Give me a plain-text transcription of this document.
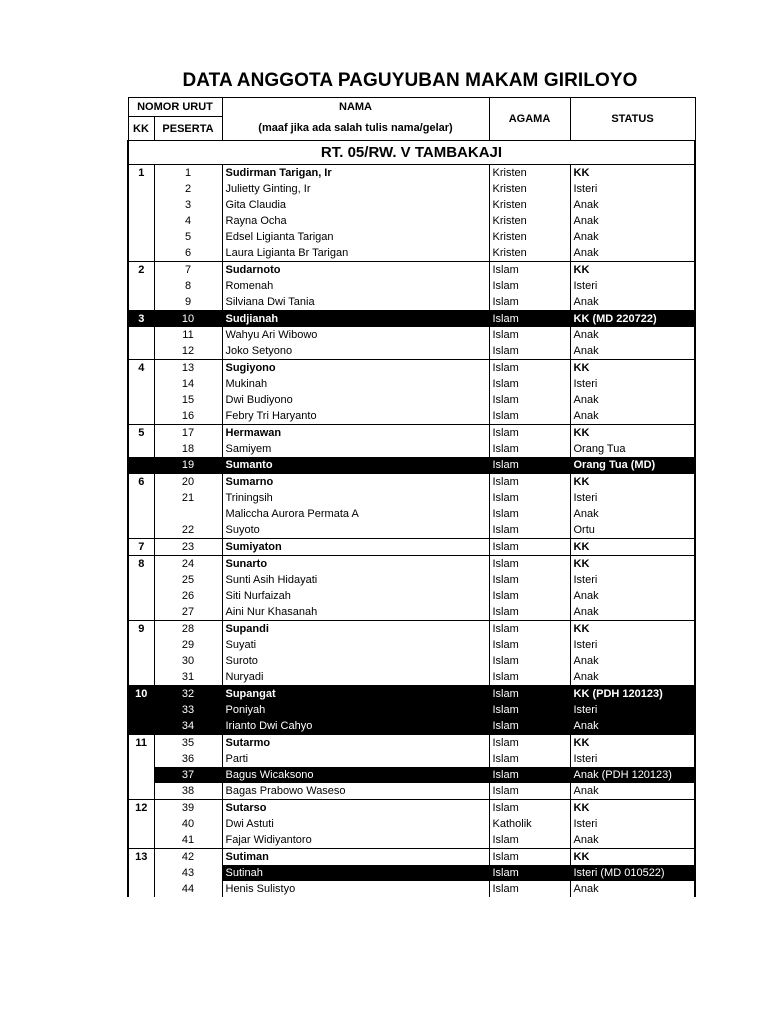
DATA ANGGOTA PAGUYUBAN MAKAM GIRILOYO
NOMOR URUT		NAMA	AGAMA	STATUS
KK	PESERTA	(maaf jika ada salah tulis nama/gelar)		
RT. 05/RW. V TAMBAKAJI				
1	1	Sudirman Tarigan, Ir	Kristen	KK
	2	Julietty Ginting, Ir	Kristen	Isteri
	3	Gita Claudia	Kristen	Anak
	4	Rayna Ocha	Kristen	Anak
	5	Edsel Ligianta Tarigan	Kristen	Anak
	6	Laura Ligianta Br Tarigan	Kristen	Anak
2	7	Sudarnoto	Islam	KK
	8	Romenah	Islam	Isteri
	9	Silviana Dwi Tania	Islam	Anak
3	10	Sudjianah	Islam	KK (MD 220722)
	11	Wahyu Ari Wibowo	Islam	Anak
	12	Joko Setyono	Islam	Anak
4	13	Sugiyono	Islam	KK
	14	Mukinah	Islam	Isteri
	15	Dwi Budiyono	Islam	Anak
	16	Febry Tri Haryanto	Islam	Anak
5	17	Hermawan	Islam	KK
	18	Samiyem	Islam	Orang Tua
	19	Sumanto	Islam	Orang Tua (MD)
6	20	Sumarno	Islam	KK
	21	Triningsih	Islam	Isteri
		Maliccha Aurora Permata A	Islam	Anak
	22	Suyoto	Islam	Ortu
7	23	Sumiyaton	Islam	KK
8	24	Sunarto	Islam	KK
	25	Sunti Asih Hidayati	Islam	Isteri
	26	Siti Nurfaizah	Islam	Anak
	27	Aini Nur Khasanah	Islam	Anak
9	28	Supandi	Islam	KK
	29	Suyati	Islam	Isteri
	30	Suroto	Islam	Anak
	31	Nuryadi	Islam	Anak
10	32	Supangat	Islam	KK (PDH 120123)
	33	Poniyah	Islam	Isteri
	34	Irianto Dwi Cahyo	Islam	Anak
11	35	Sutarmo	Islam	KK
	36	Parti	Islam	Isteri
	37	Bagus Wicaksono	Islam	Anak (PDH 120123)
	38	Bagas Prabowo Waseso	Islam	Anak
12	39	Sutarso	Islam	KK
	40	Dwi Astuti	Katholik	Isteri
	41	Fajar Widiyantoro	Islam	Anak
13	42	Sutiman	Islam	KK
	43	Sutinah	Islam	Isteri (MD 010522)
	44	Henis Sulistyo	Islam	Anak
